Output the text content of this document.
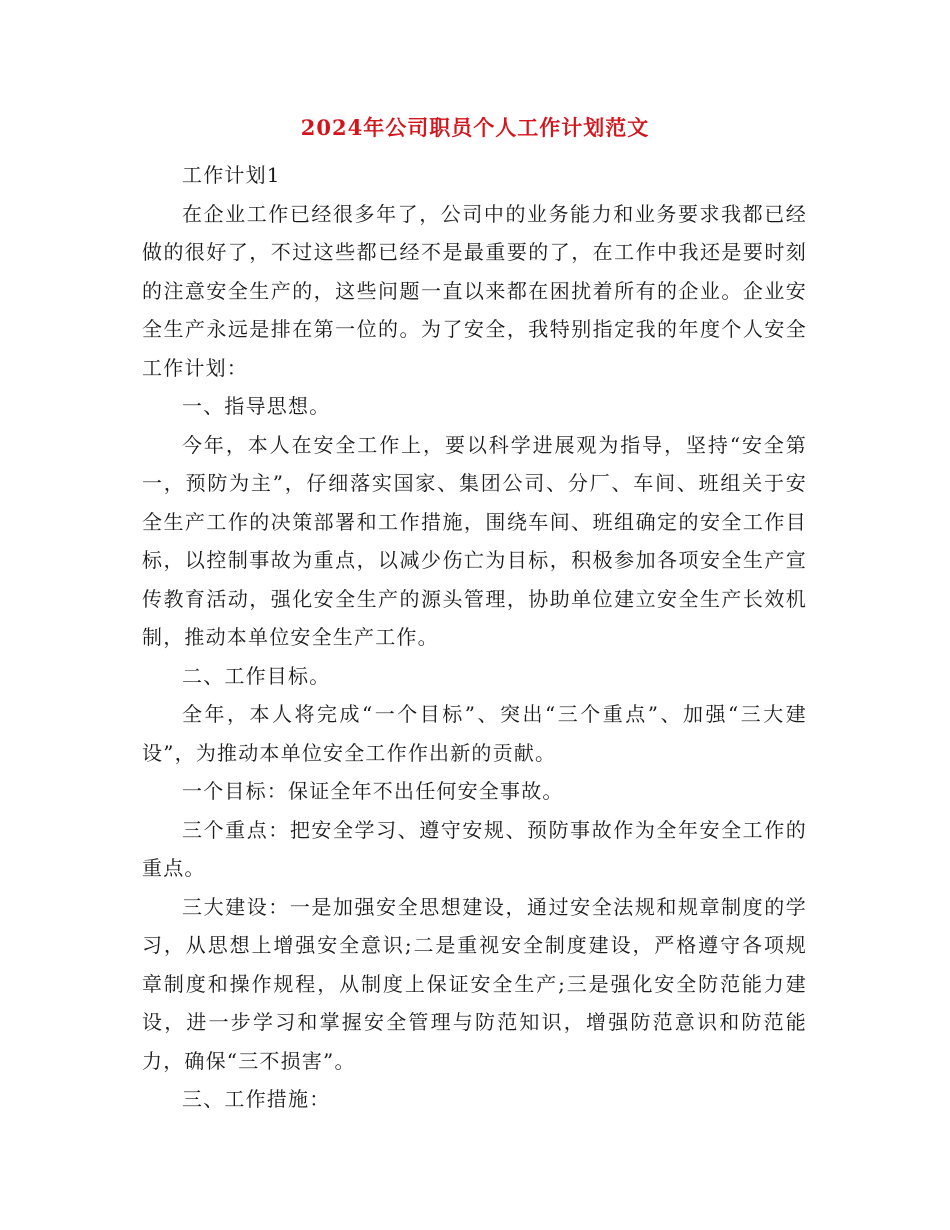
2024年公司职员个人工作计划范文

工作计划1

在企业工作已经很多年了，公司中的业务能力和业务要求我都已经做的很好了，不过这些都已经不是最重要的了，在工作中我还是要时刻的注意安全生产的，这些问题一直以来都在困扰着所有的企业。企业安全生产永远是排在第一位的。为了安全，我特别指定我的年度个人安全工作计划：

一、指导思想。

今年，本人在安全工作上，要以科学进展观为指导，坚持“安全第一，预防为主”，仔细落实国家、集团公司、分厂、车间、班组关于安全生产工作的决策部署和工作措施，围绕车间、班组确定的安全工作目标，以控制事故为重点，以减少伤亡为目标，积极参加各项安全生产宣传教育活动，强化安全生产的源头管理，协助单位建立安全生产长效机制，推动本单位安全生产工作。

二、工作目标。

全年，本人将完成“一个目标”、突出“三个重点”、加强“三大建设”，为推动本单位安全工作作出新的贡献。

一个目标：保证全年不出任何安全事故。

三个重点：把安全学习、遵守安规、预防事故作为全年安全工作的重点。

三大建设：一是加强安全思想建设，通过安全法规和规章制度的学习，从思想上增强安全意识;二是重视安全制度建设，严格遵守各项规章制度和操作规程，从制度上保证安全生产;三是强化安全防范能力建设，进一步学习和掌握安全管理与防范知识，增强防范意识和防范能力，确保“三不损害”。

三、工作措施：
